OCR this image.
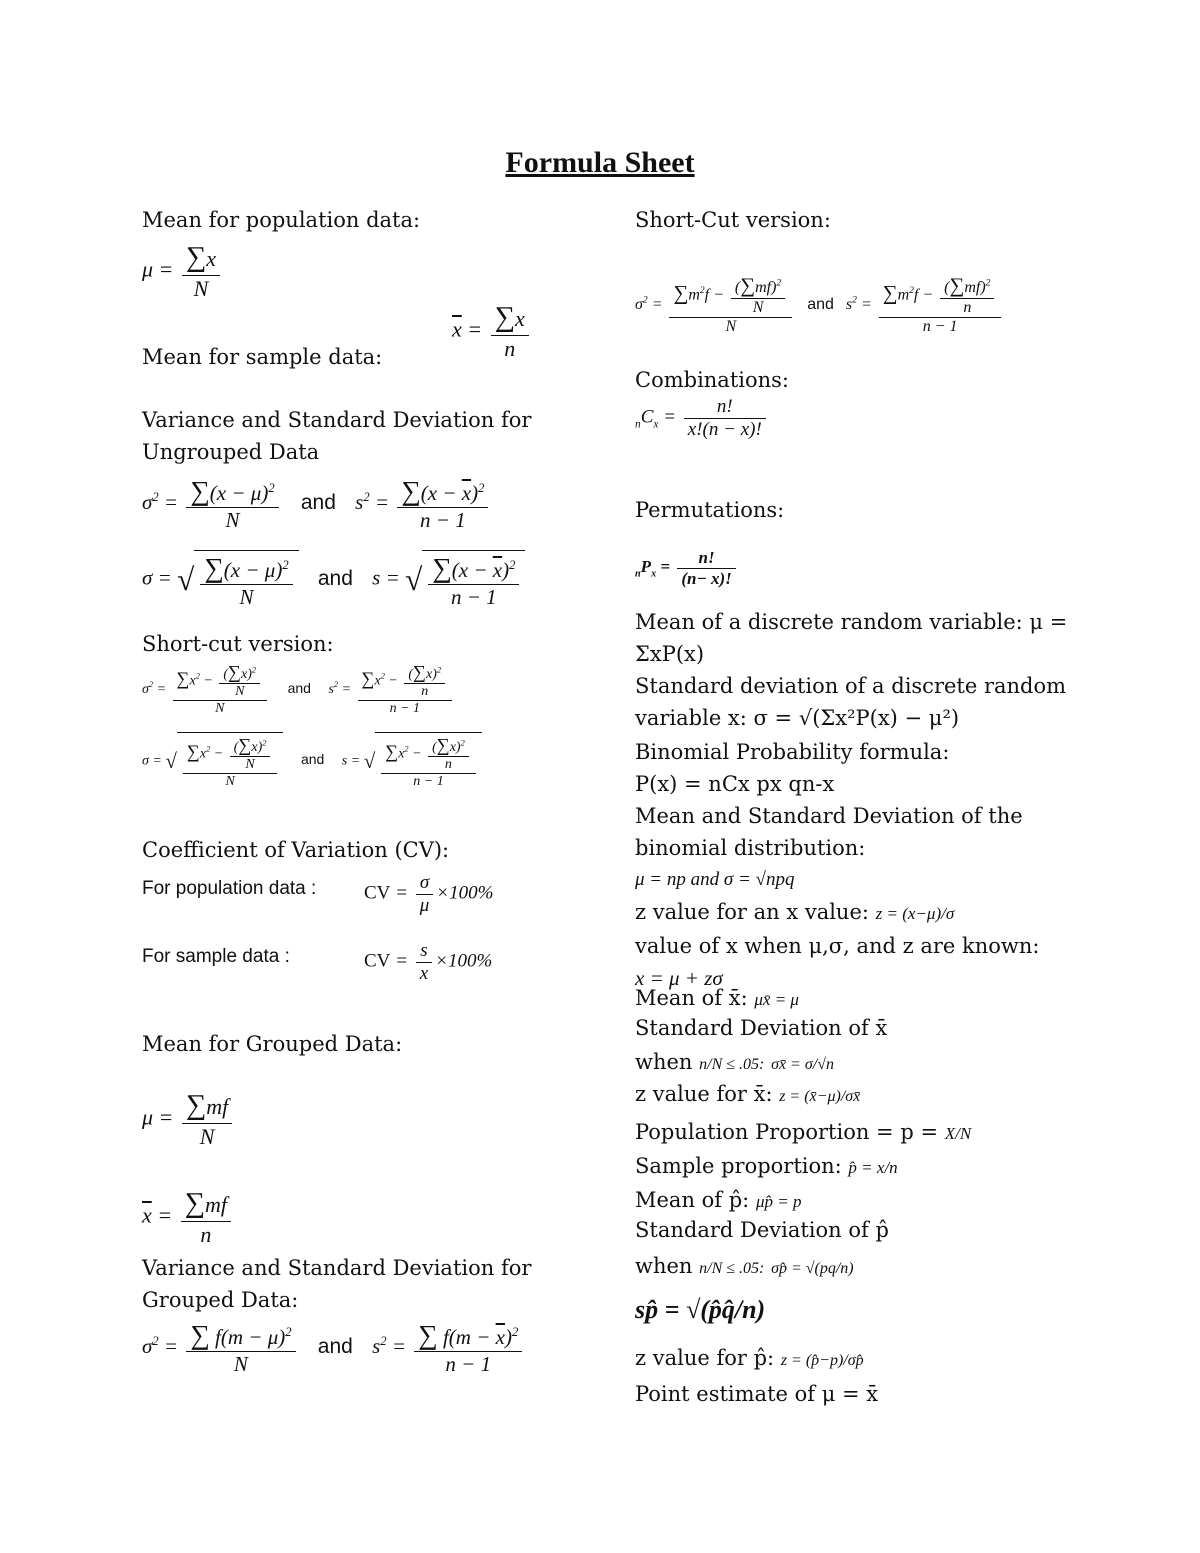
Formula Sheet
Mean for population data:
$\mu = \frac{\sum x}{N}$
$\overline{x} = \frac{\sum x}{n}$
Mean for sample data:
Variance and Standard Deviation for Ungrouped Data
$\sigma^2 = \frac{\sum(x - \mu)^2}{N}$ and $s^2 = \frac{\sum(x - \overline{x})^2}{n - 1}$
σ = √ $\frac{\sum(x - \mu)^2}{N}$ and s = √ $\frac{\sum(x - \overline{x})^2}{n - 1}$
Short-cut version:
$\sigma^2 = \frac{\sum x^2 - \frac{(\sum x)^2}{N}}{N}$ and $s^2 = \frac{\sum x^2 - \frac{(\sum x)^2}{n}}{n - 1}$
σ = √ $\frac{\sum x^2 - \frac{(\sum x)^2}{N}}{N}$ and s = √ $\frac{\sum x^2 - \frac{(\sum x)^2}{n}}{n - 1}$
Coefficient of Variation (CV):
For population data :	CV = $\frac{\sigma}{\mu} \times 100\%$
For sample data :	CV = $\frac{s}{x} \times 100\%$
Mean for Grouped Data:
$\mu = \frac{\sum mf}{N}$
$\overline{x} = \frac{\sum mf}{n}$
Variance and Standard Deviation for Grouped Data:
$\sigma^2 = \frac{\sum f(m - \mu)^2}{N}$ and $s^2 = \frac{\sum f(m - \overline{x})^2}{n - 1}$
Short-Cut version:
$\sigma^2 = \frac{\sum m^2f - \frac{(\sum mf)^2}{N}}{N}$ and $s^2 = \frac{\sum m^2f - \frac{(\sum mf)^2}{n}}{n - 1}$
Combinations:
$_nC_x = \frac{n!}{x!(n - x)!}$
Permutations:
$_nP_x = \frac{n!}{(n- x)!}$
Mean of a discrete random variable: μ = ΣxP(x)
Standard deviation of a discrete random variable x: σ = √(Σx²P(x) − μ²)
Binomial Probability formula:
P(x) = nCx px qn-x
Mean and Standard Deviation of the binomial distribution:
μ = np and σ = √npq
z value for an x value: z = (x−μ)/σ
value of x when μ,σ, and z are known: x = μ + zσ
Mean of x̄: μx̄ = μ
Standard Deviation of x̄
when n/N ≤ .05: σx̄ = σ/√n
z value for x̄: z = (x̄−μ)/σx̄
Population Proportion = p = X/N
Sample proportion: p̂ = x/n
Mean of p̂: μp̂ = p
Standard Deviation of p̂
when n/N ≤ .05: σp̂ = √(pq/n)
sp̂ = √(p̂q̂/n)
z value for p̂: z = (p̂−p)/σp̂
Point estimate of μ = x̄
